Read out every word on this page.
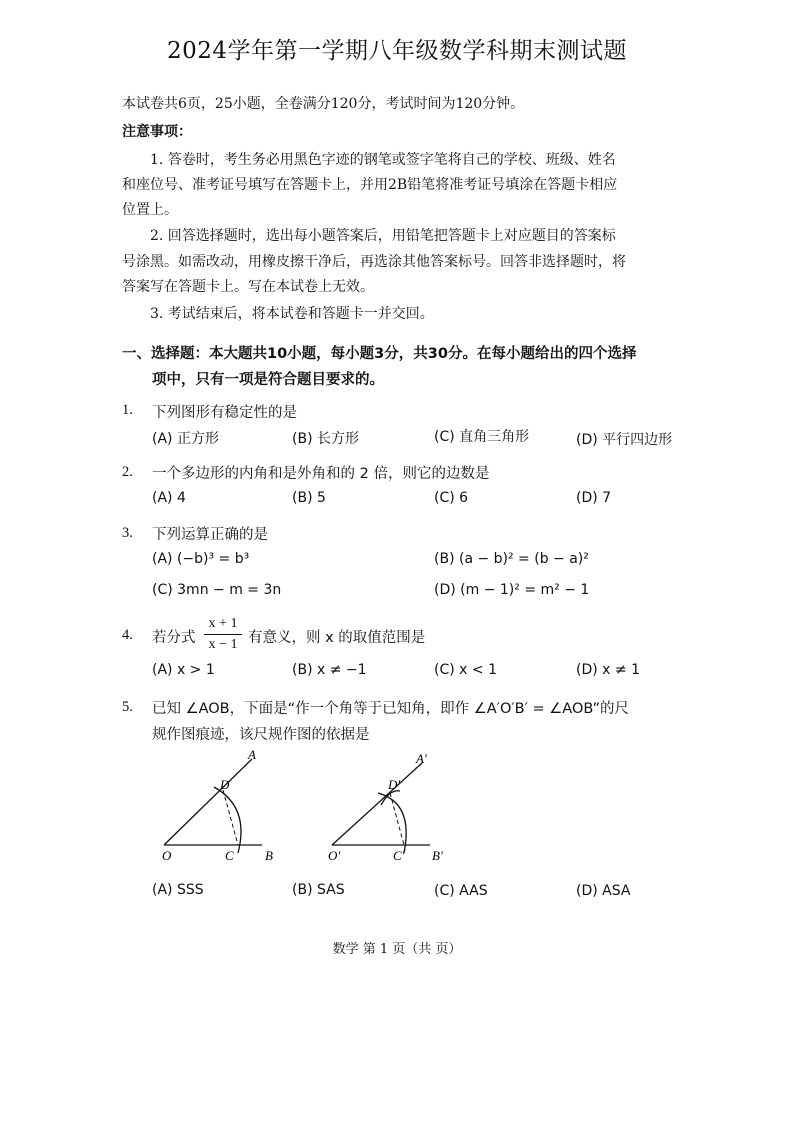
2024学年第一学期八年级数学科期末测试题
本试卷共6页，25小题，全卷满分120分，考试时间为120分钟。
注意事项：
1. 答卷时，考生务必用黑色字迹的钢笔或签字笔将自己的学校、班级、姓名
和座位号、准考证号填写在答题卡上，并用2B铅笔将准考证号填涂在答题卡相应
位置上。
2. 回答选择题时，选出每小题答案后，用铅笔把答题卡上对应题目的答案标
号涂黑。如需改动，用橡皮擦干净后，再选涂其他答案标号。回答非选择题时，将
答案写在答题卡上。写在本试卷上无效。
3. 考试结束后，将本试卷和答题卡一并交回。
一、选择题：本大题共10小题，每小题3分，共30分。在每小题给出的四个选择
项中，只有一项是符合题目要求的。
1. 下列图形有稳定性的是
(A) 正方形	(B) 长方形	(C) 直角三角形	(D) 平行四边形
2. 一个多边形的内角和是外角和的 2 倍，则它的边数是
(A) 4	(B) 5	(C) 6	(D) 7
3. 下列运算正确的是
(A) (−b)³ = b³	(B) (a − b)² = (b − a)²
(C) 3mn − m = 3n	(D) (m − 1)² = m² − 1
4. 若分式
x + 1
x − 1 有意义，则 x 的取值范围是
(A) x > 1	(B) x ≠ −1	(C) x < 1	(D) x ≠ 1
5. 已知 ∠AOB，下面是“作一个角等于已知角，即作 ∠A′O′B′ = ∠AOB”的尺
规作图痕迹，该尺规作图的依据是
A
D
O	C B
A'
D'
O'	C' B'
(A) SSS	(B) SAS	(C) AAS	(D) ASA
数学 第 1 页（共 页）
